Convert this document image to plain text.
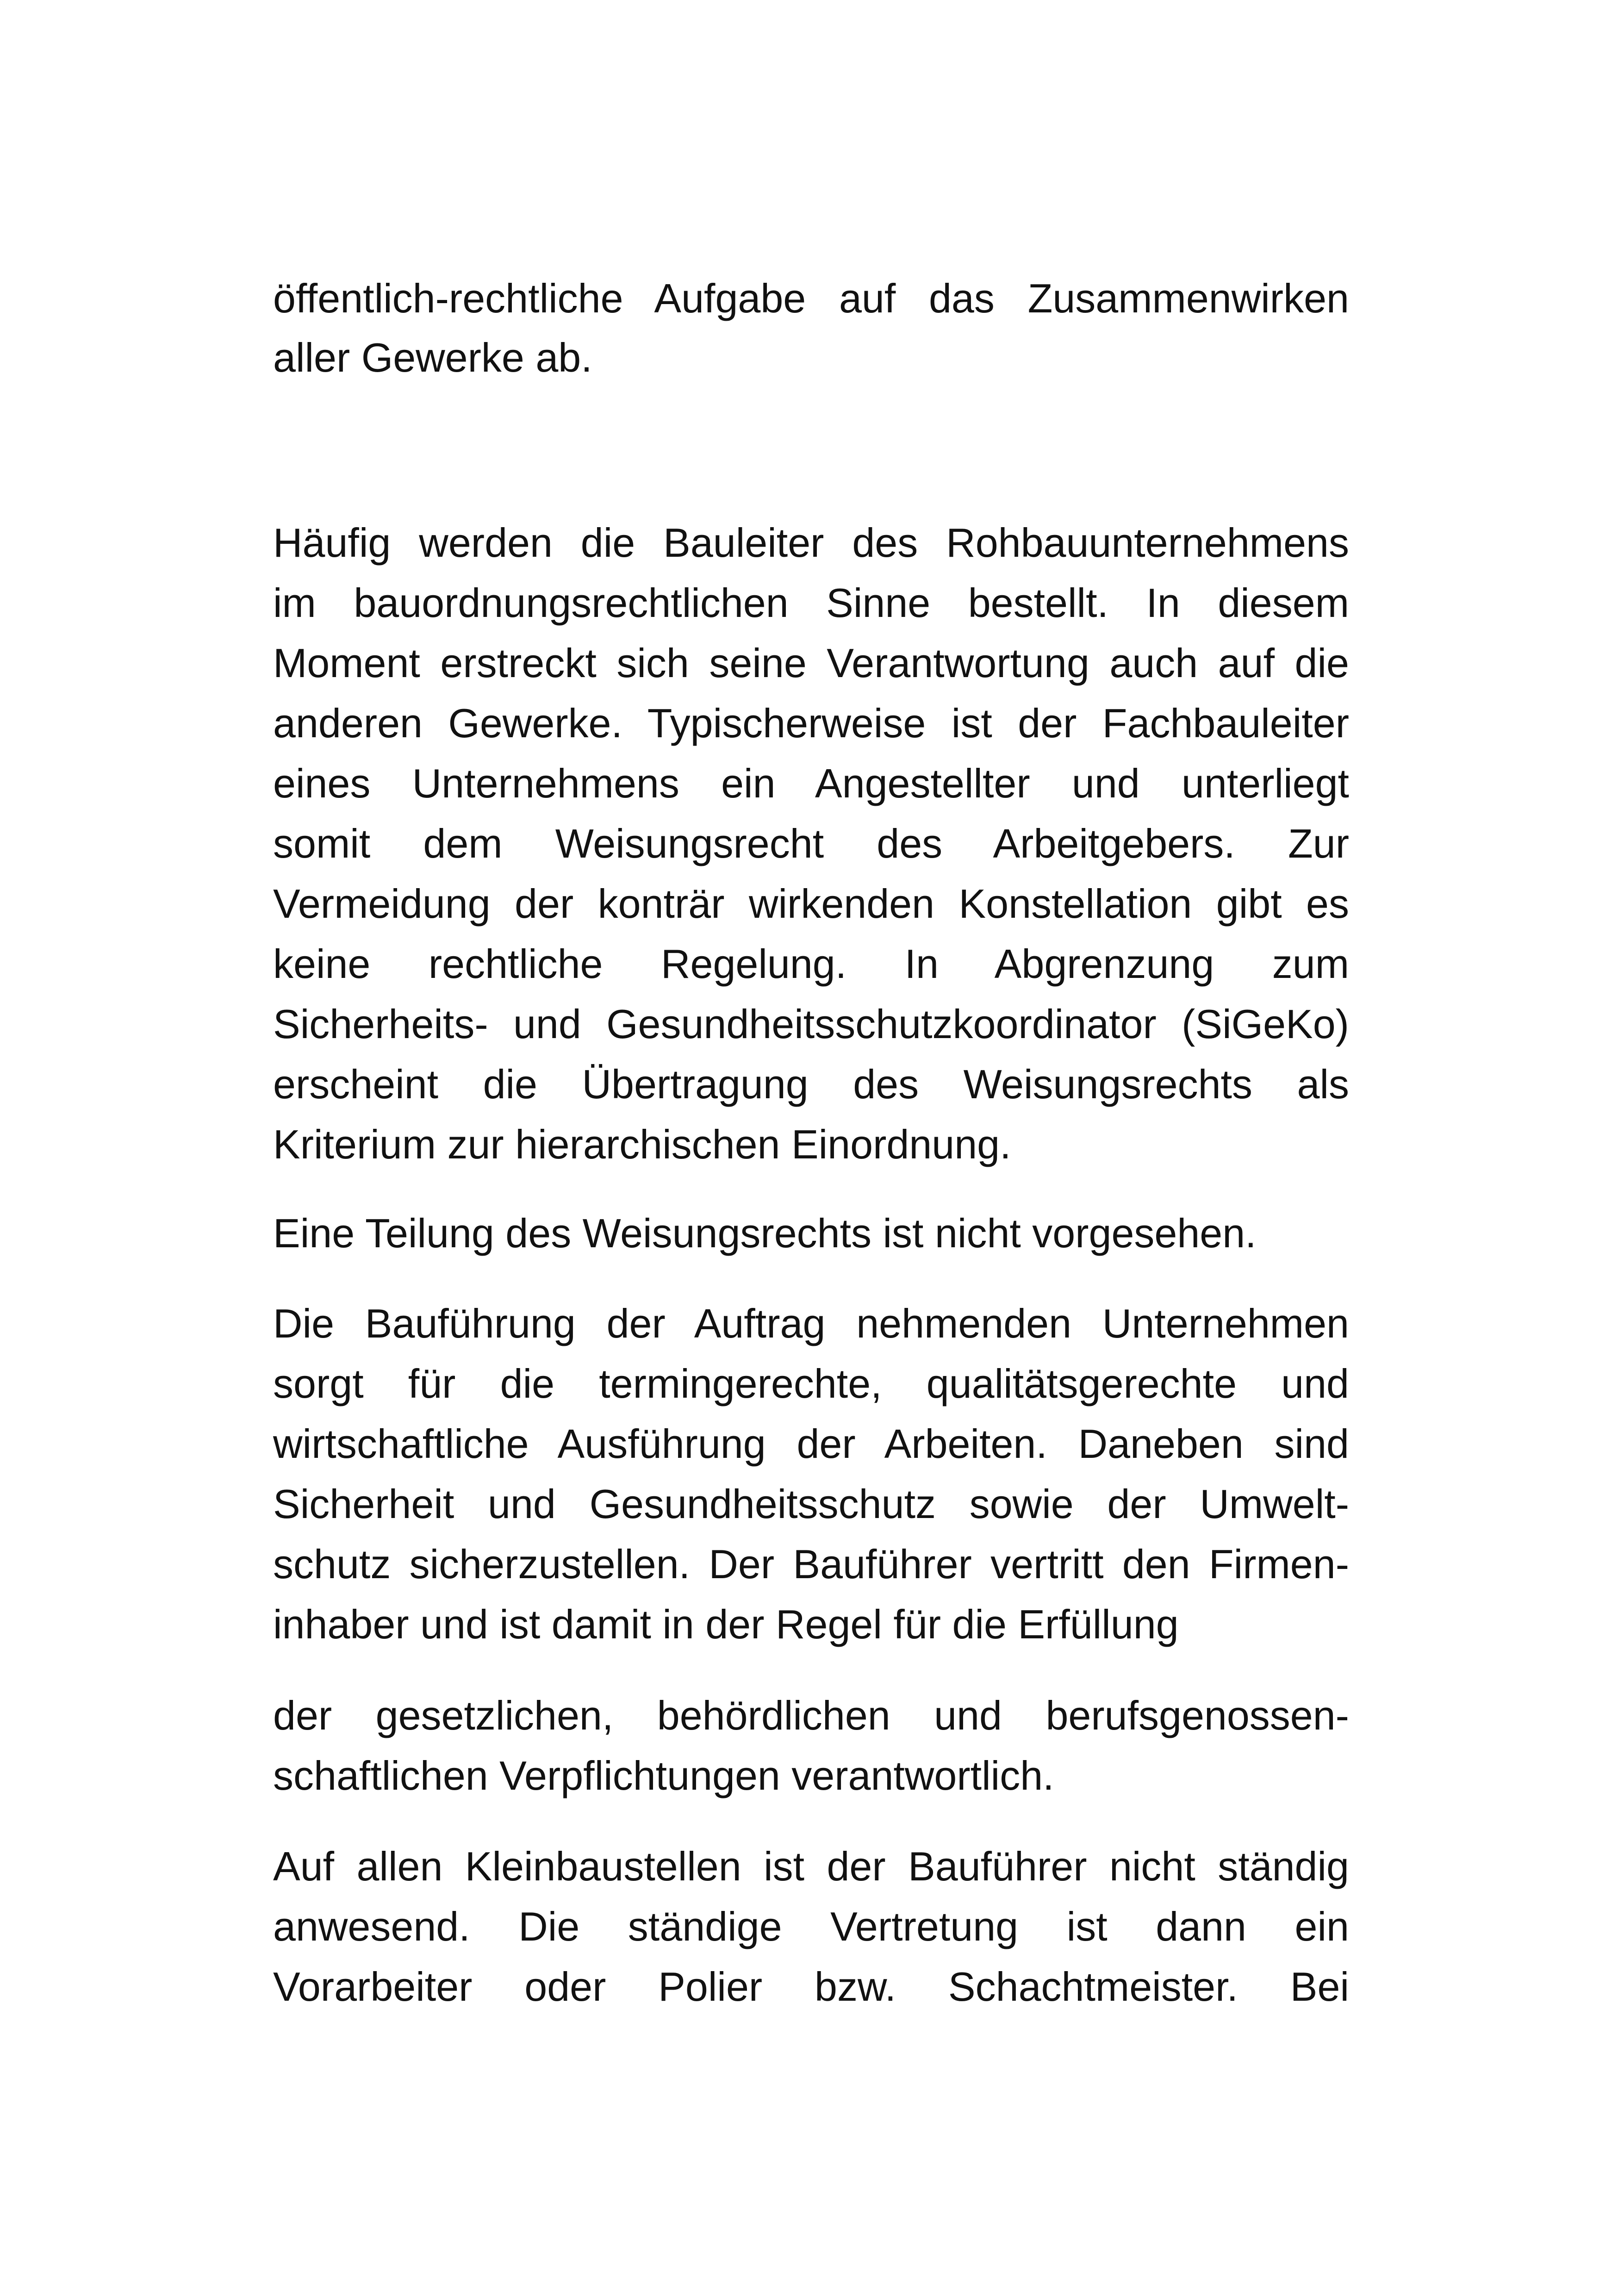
öffentlich-rechtliche Aufgabe auf das Zusammenwirken
aller Gewerke ab.
Häufig werden die Bauleiter des Rohbauunternehmens
im bauordnungsrechtlichen Sinne bestellt. In diesem
Moment erstreckt sich seine Verantwortung auch auf die
anderen Gewerke. Typischerweise ist der Fachbauleiter
eines Unternehmens ein Angestellter und unterliegt
somit dem Weisungsrecht des Arbeitgebers. Zur
Vermeidung der konträr wirkenden Konstellation gibt es
keine rechtliche Regelung. In Abgrenzung zum
Sicherheits- und Gesundheitsschutzkoordinator (SiGeKo)
erscheint die Übertragung des Weisungsrechts als
Kriterium zur hierarchischen Einordnung.
Eine Teilung des Weisungsrechts ist nicht vorgesehen.
Die Bauführung der Auftrag nehmenden Unternehmen
sorgt für die termingerechte, qualitätsgerechte und
wirtschaftliche Ausführung der Arbeiten. Daneben sind
Sicherheit und Gesundheitsschutz sowie der Umwelt-
schutz sicherzustellen. Der Bauführer vertritt den Firmen-
inhaber und ist damit in der Regel für die Erfüllung
der gesetzlichen, behördlichen und berufsgenossen-
schaftlichen Verpflichtungen verantwortlich.
Auf allen Kleinbaustellen ist der Bauführer nicht ständig
anwesend. Die ständige Vertretung ist dann ein
Vorarbeiter oder Polier bzw. Schachtmeister. Bei
